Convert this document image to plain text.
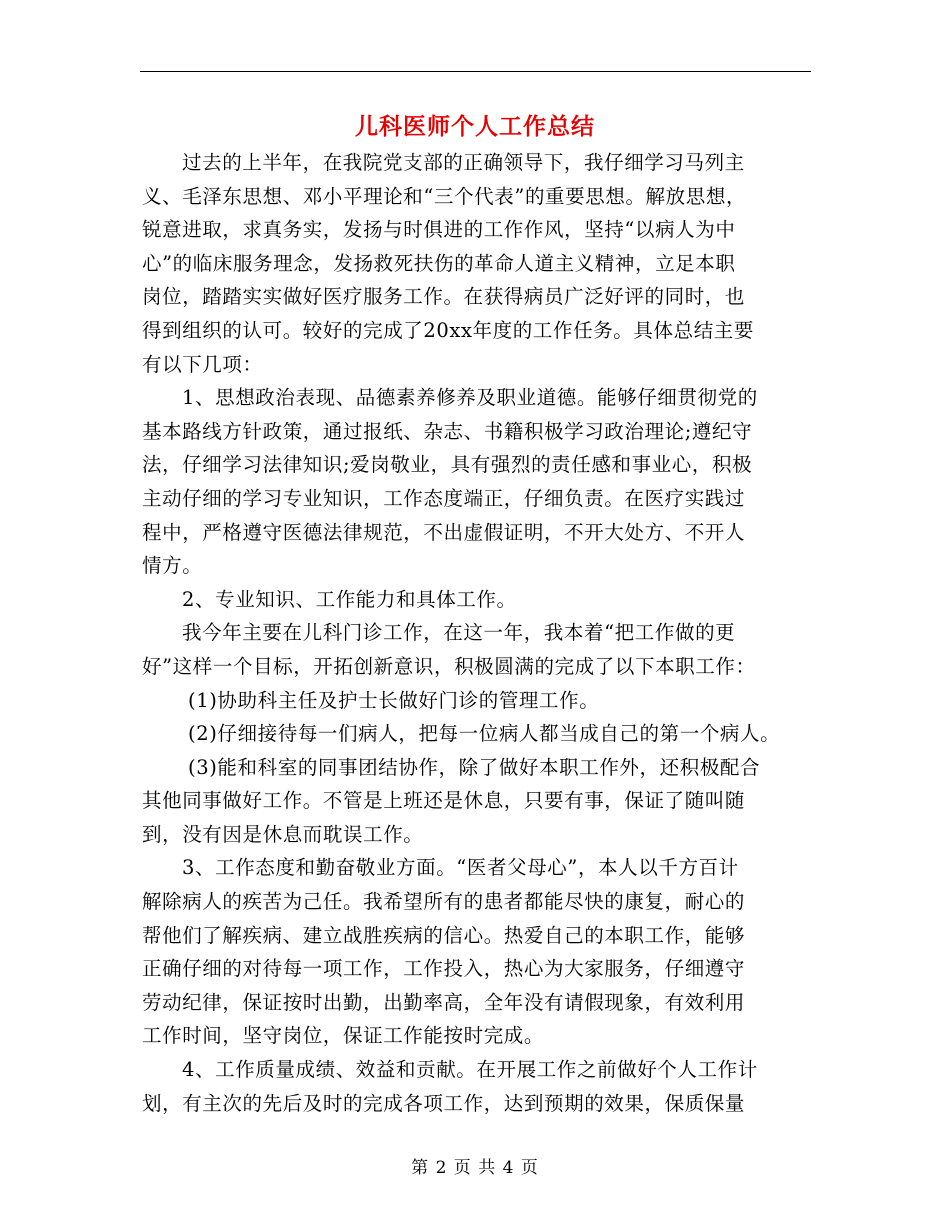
儿科医师个人工作总结
过去的上半年，在我院党支部的正确领导下，我仔细学习马列主
义、毛泽东思想、邓小平理论和“三个代表”的重要思想。解放思想，
锐意进取，求真务实，发扬与时俱进的工作作风，坚持“以病人为中
心”的临床服务理念，发扬救死扶伤的革命人道主义精神，立足本职
岗位，踏踏实实做好医疗服务工作。在获得病员广泛好评的同时，也
得到组织的认可。较好的完成了20xx年度的工作任务。具体总结主要
有以下几项：
1、思想政治表现、品德素养修养及职业道德。能够仔细贯彻党的
基本路线方针政策，通过报纸、杂志、书籍积极学习政治理论;遵纪守
法，仔细学习法律知识;爱岗敬业，具有强烈的责任感和事业心，积极
主动仔细的学习专业知识，工作态度端正，仔细负责。在医疗实践过
程中，严格遵守医德法律规范，不出虚假证明，不开大处方、不开人
情方。
2、专业知识、工作能力和具体工作。
我今年主要在儿科门诊工作，在这一年，我本着“把工作做的更
好”这样一个目标，开拓创新意识，积极圆满的完成了以下本职工作：
(1)协助科主任及护士长做好门诊的管理工作。
(2)仔细接待每一们病人，把每一位病人都当成自己的第一个病人。
(3)能和科室的同事团结协作，除了做好本职工作外，还积极配合
其他同事做好工作。不管是上班还是休息，只要有事，保证了随叫随
到，没有因是休息而耽误工作。
3、工作态度和勤奋敬业方面。“医者父母心”，本人以千方百计
解除病人的疾苦为己任。我希望所有的患者都能尽快的康复，耐心的
帮他们了解疾病、建立战胜疾病的信心。热爱自己的本职工作，能够
正确仔细的对待每一项工作，工作投入，热心为大家服务，仔细遵守
劳动纪律，保证按时出勤，出勤率高，全年没有请假现象，有效利用
工作时间，坚守岗位，保证工作能按时完成。
4、工作质量成绩、效益和贡献。在开展工作之前做好个人工作计
划，有主次的先后及时的完成各项工作，达到预期的效果，保质保量
第 2 页 共 4 页
